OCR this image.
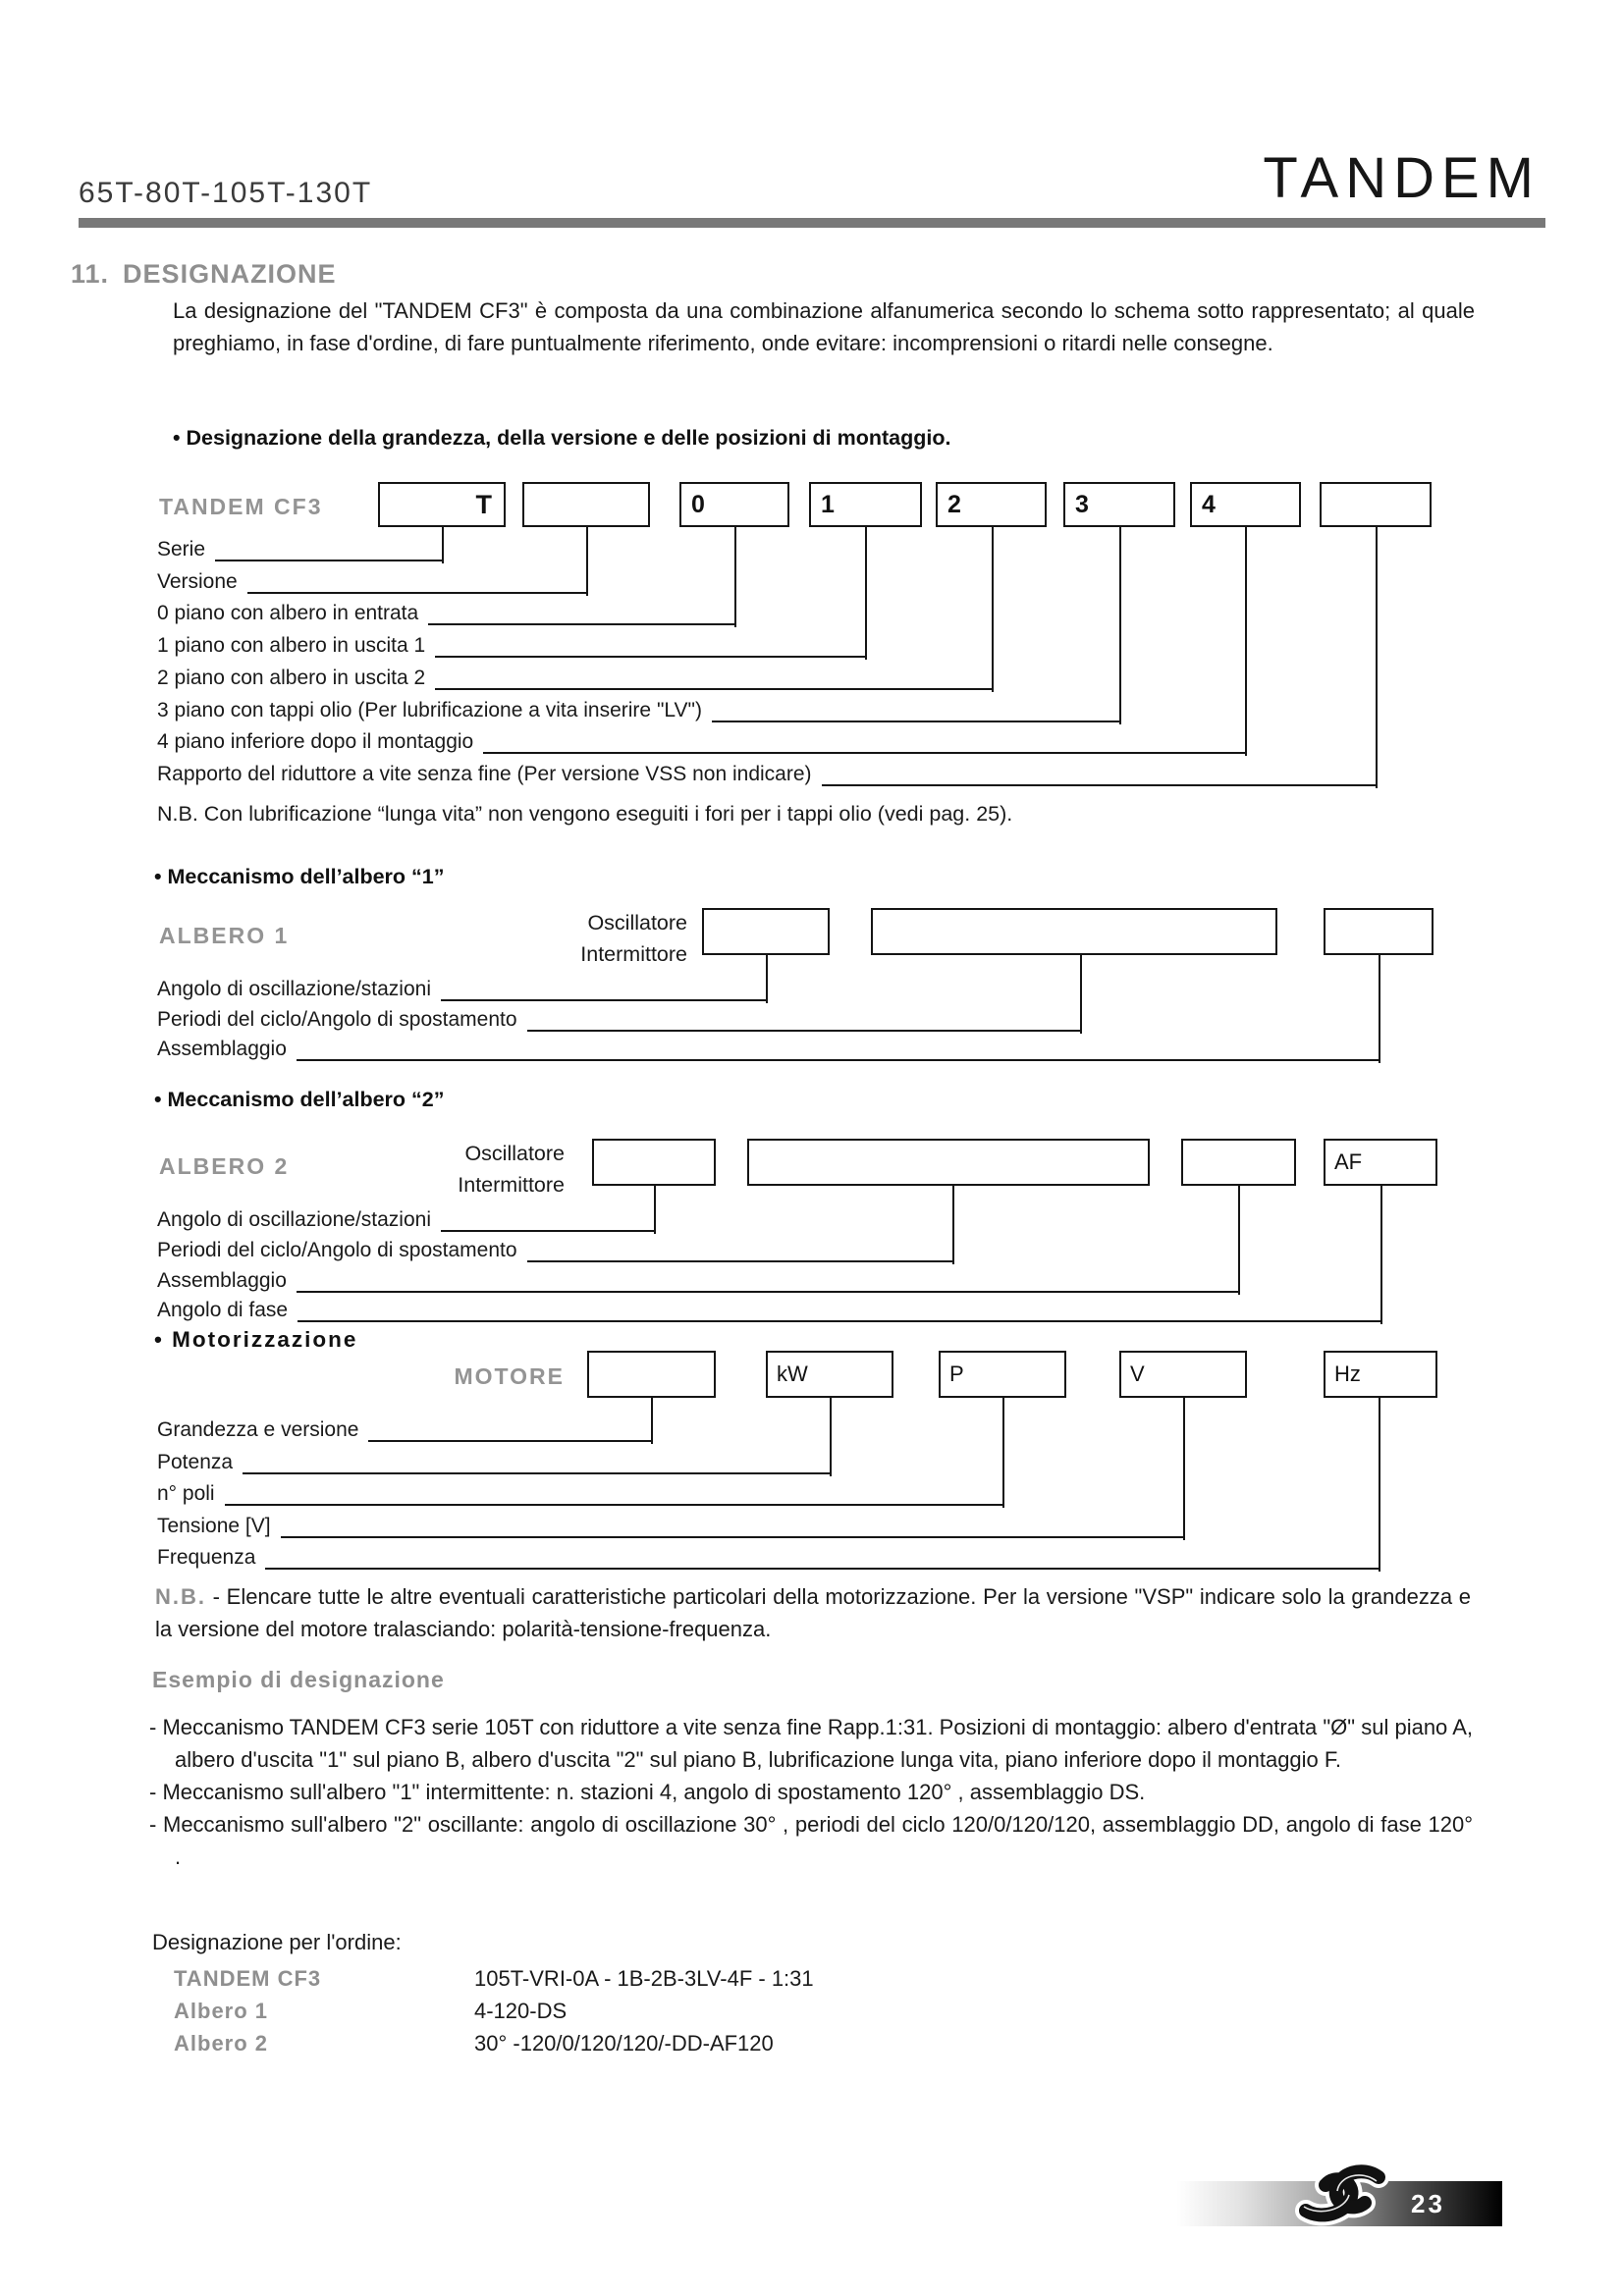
65T-80T-105T-130T	TANDEM
11. DESIGNAZIONE
La designazione del "TANDEM CF3" è composta da una combinazione alfanumerica secondo lo schema sotto rappresentato; al quale preghiamo, in fase d'ordine, di fare puntualmente riferimento, onde evitare: incomprensioni o ritardi nelle consegne.
• Designazione della grandezza, della versione e delle posizioni di montaggio.
TANDEM CF3	T	0	1	2	3	4
Serie
Versione
0 piano con albero in entrata
1 piano con albero in uscita 1
2 piano con albero in uscita 2
3 piano con tappi olio (Per lubrificazione a vita inserire "LV")
4 piano inferiore dopo il montaggio
Rapporto del riduttore a vite senza fine (Per versione VSS non indicare)
N.B. Con lubrificazione “lunga vita” non vengono eseguiti i fori per i tappi olio (vedi pag. 25).
• Meccanismo dell’albero “1”
ALBERO 1	Oscillatore
Intermittore
Angolo di oscillazione/stazioni
Periodi del ciclo/Angolo di spostamento
Assemblaggio
• Meccanismo dell’albero “2”
ALBERO 2	Oscillatore
Intermittore
AF
Angolo di oscillazione/stazioni
Periodi del ciclo/Angolo di spostamento
Assemblaggio
Angolo di fase
• Motorizzazione
MOTORE	kW	P	V	Hz
Grandezza e versione
Potenza
n° poli
Tensione [V]
Frequenza
N.B. - Elencare tutte le altre eventuali caratteristiche particolari della motorizzazione. Per la versione "VSP" indicare solo la grandezza e la versione del motore tralasciando: polarità-tensione-frequenza.
Esempio di designazione
- Meccanismo TANDEM CF3 serie 105T con riduttore a vite senza fine Rapp.1:31. Posizioni di montaggio: albero d'entrata "Ø" sul piano A, albero d'uscita "1" sul piano B, albero d'uscita "2" sul piano B, lubrificazione lunga vita, piano inferiore dopo il montaggio F.
- Meccanismo sull'albero "1" intermittente: n. stazioni 4, angolo di spostamento 120° , assemblaggio DS.
- Meccanismo sull'albero "2" oscillante: angolo di oscillazione 30° , periodi del ciclo 120/0/120/120, assemblaggio DD, angolo di fase 120° .
Designazione per l'ordine:
TANDEM CF3	105T-VRI-0A - 1B-2B-3LV-4F - 1:31
Albero 1	4-120-DS
Albero 2	30° -120/0/120/120/-DD-AF120
23
